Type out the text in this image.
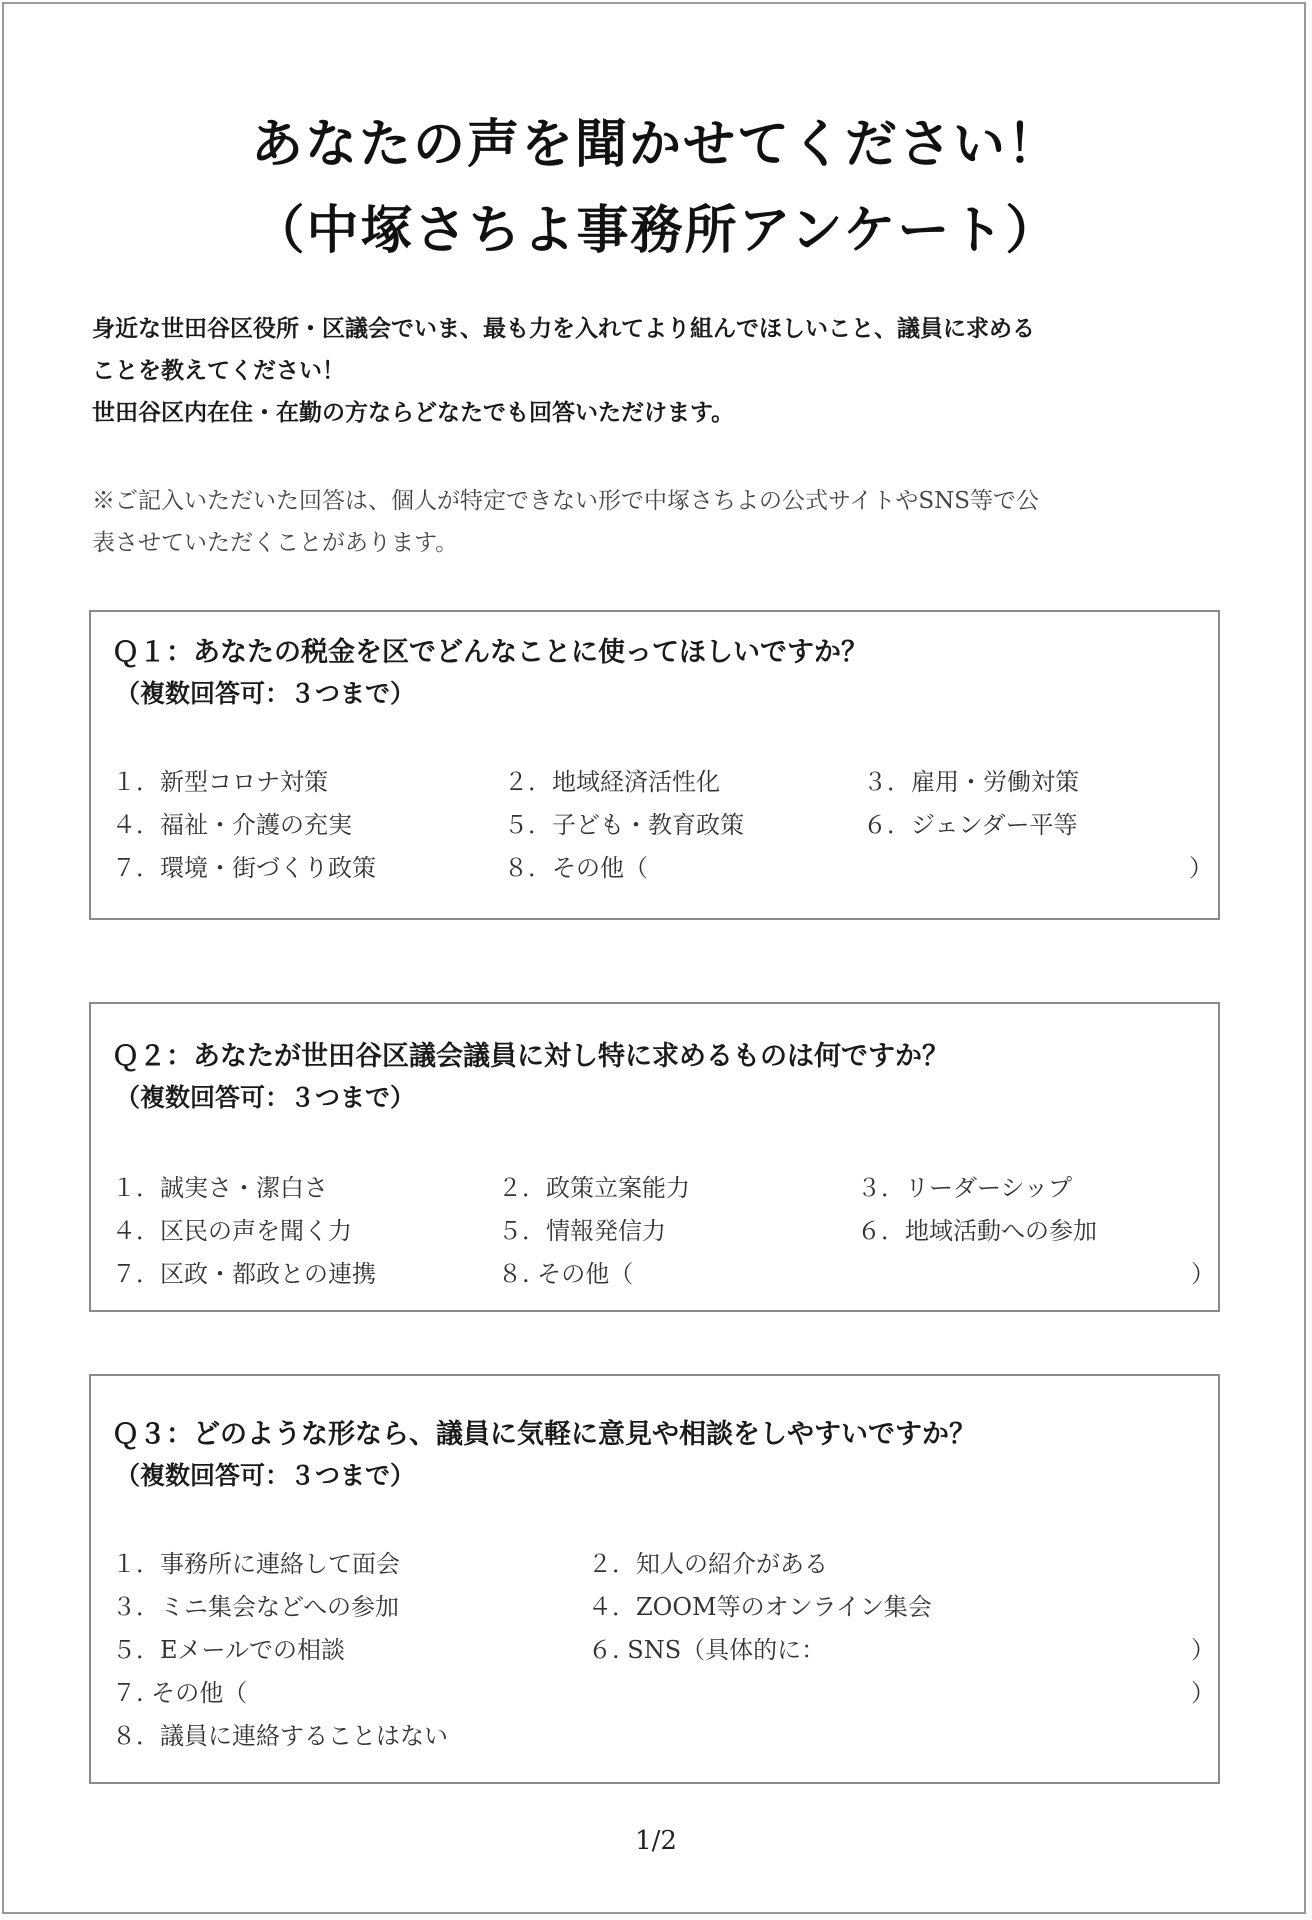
あなたの声を聞かせてください！
（中塚さちよ事務所アンケート）
身近な世田谷区役所・区議会でいま、最も力を入れてより組んでほしいこと、議員に求める
ことを教えてください！
世田谷区内在住・在勤の方ならどなたでも回答いただけます。
※ご記入いただいた回答は、個人が特定できない形で中塚さちよの公式サイトやSNS等で公
表させていただくことがあります。
Ｑ１：あなたの税金を区でどんなことに使ってほしいですか？
（複数回答可：３つまで）
１．新型コロナ対策	２．地域経済活性化	３．雇用・労働対策
４．福祉・介護の充実	５．子ども・教育政策	６．ジェンダー平等
７．環境・街づくり政策	８．その他（	）
Ｑ２：あなたが世田谷区議会議員に対し特に求めるものは何ですか？
（複数回答可：３つまで）
１．誠実さ・潔白さ	２．政策立案能力	３．リーダーシップ
４．区民の声を聞く力	５．情報発信力	６．地域活動への参加
７．区政・都政との連携	８. その他（	）
Ｑ３：どのような形なら、議員に気軽に意見や相談をしやすいですか？
（複数回答可：３つまで）
１．事務所に連絡して面会	２．知人の紹介がある
３．ミニ集会などへの参加	４．ZOOM等のオンライン集会
５．Eメールでの相談	６. SNS（具体的に：	）
７. その他（	）
８．議員に連絡することはない
1/2
